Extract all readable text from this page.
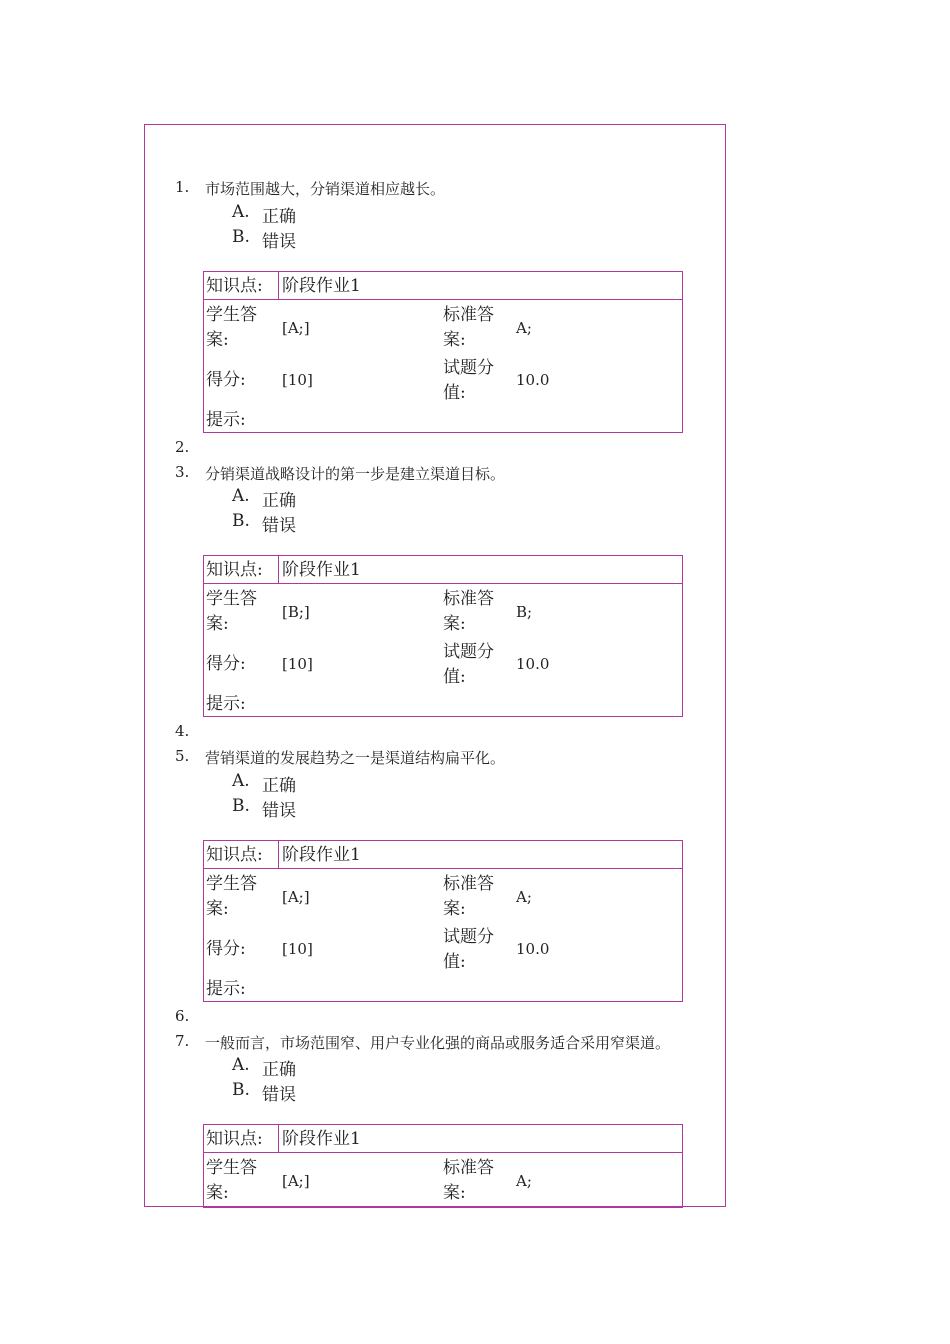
1. 市场范围越大，分销渠道相应越长。
A. 正确
B. 错误
知识点: 阶段作业1
学生答
案:
[A;]
标准答
案:
A;
得分: [10]
试题分
值:
10.0
提示:
2.
3. 分销渠道战略设计的第一步是建立渠道目标。
A. 正确
B. 错误
知识点: 阶段作业1
学生答
案:
[B;]
标准答
案:
B;
得分: [10]
试题分
值:
10.0
提示:
4.
5. 营销渠道的发展趋势之一是渠道结构扁平化。
A. 正确
B. 错误
知识点: 阶段作业1
学生答
案:
[A;]
标准答
案:
A;
得分: [10]
试题分
值:
10.0
提示:
6.
7. 一般而言，市场范围窄、用户专业化强的商品或服务适合采用窄渠道。
A. 正确
B. 错误
知识点: 阶段作业1
学生答
案:
[A;]
标准答
案:
A;
